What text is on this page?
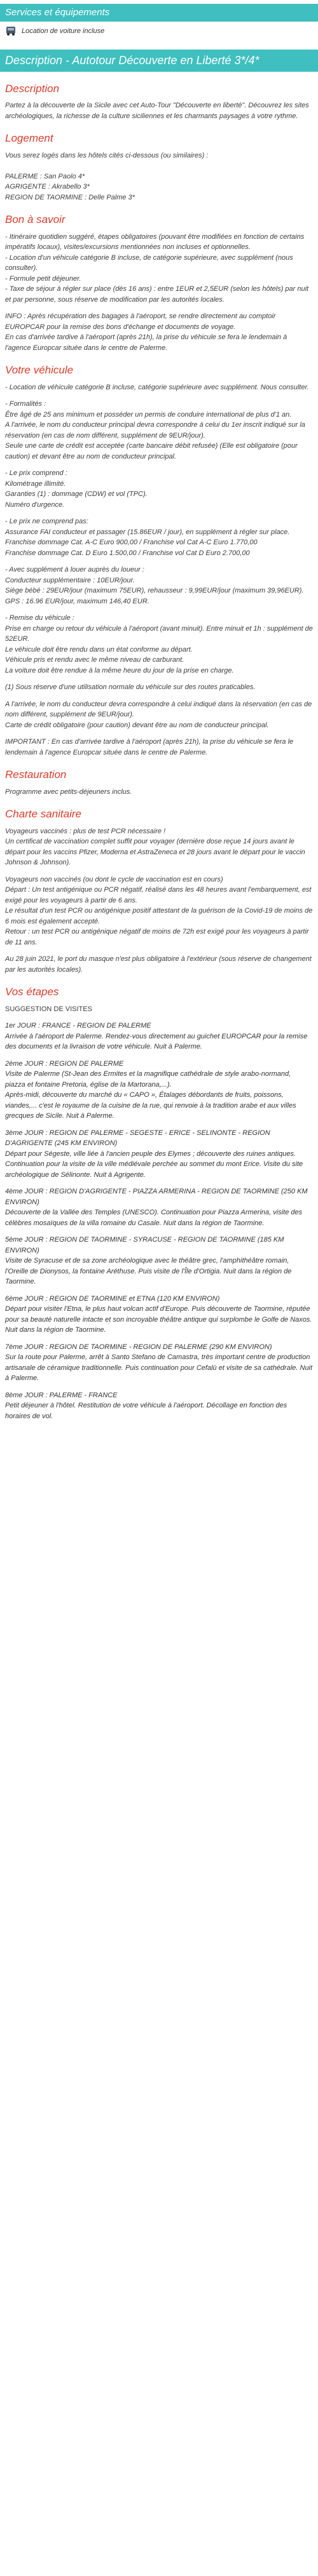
Services et équipements
Location de voiture incluse
Description - Autotour Découverte en Liberté 3*/4*
Description
Partez à la découverte de la Sicile avec cet Auto-Tour "Découverte en liberté". Découvrez les sites archéologiques, la richesse de la culture siciliennes et les charmants paysages à votre rythme.
Logement
Vous serez logés dans les hôtels cités ci-dessous (ou similaires) :

PALERME : San Paolo 4*
AGRIGENTE : Akrabello 3*
REGION DE TAORMINE : Delle Palme 3*
Bon à savoir
- Itinéraire quotidien suggéré, étapes obligatoires (pouvant être modifiées en fonction de certains impératifs locaux), visites/excursions mentionnées non incluses et optionnelles.
- Location d'un véhicule catégorie B incluse, de catégorie supérieure, avec supplément (nous consulter).
- Formule petit déjeuner.
- Taxe de séjour à régler sur place (dès 16 ans) : entre 1EUR et 2,5EUR (selon les hôtels) par nuit et par personne, sous réserve de modification par les autorités locales.
INFO : Après récupération des bagages à l'aéroport, se rendre directement au comptoir EUROPCAR pour la remise des bons d'échange et documents de voyage.
En cas d'arrivée tardive à l'aéroport (après 21h), la prise du véhicule se fera le lendemain à l'agence Europcar située dans le centre de Palerme.
Votre véhicule
- Location de véhicule catégorie B incluse, catégorie supérieure avec supplément. Nous consulter.
- Formalités :
Être âgé de 25 ans minimum et posséder un permis de conduire international de plus d'1 an.
A l'arrivée, le nom du conducteur principal devra correspondre à celui du 1er inscrit indiqué sur la réservation (en cas de nom différent, supplément de 9EUR/jour).
Seule une carte de crédit est acceptée (carte bancaire débit refusée) (Elle est obligatoire (pour caution) et devant être au nom de conducteur principal.
- Le prix comprend :
Kilométrage illimité.
Garanties (1) : dommage (CDW) et vol (TPC).
Numéro d'urgence.
- Le prix ne comprend pas:
Assurance FAI conducteur et passager (15.86EUR / jour), en supplément à régler sur place.
Franchise dommage Cat. A-C Euro 900,00 / Franchise vol Cat A-C Euro 1.770,00
Franchise dommage Cat. D Euro 1.500,00 / Franchise vol Cat D Euro 2.700,00
- Avec supplément à louer auprès du loueur :
Conducteur supplémentaire : 10EUR/jour.
Siège bébé : 29EUR/jour (maximum 75EUR), rehausseur : 9,99EUR/jour (maximum 39,96EUR).
GPS : 16.96 EUR/jour, maximum 146,40 EUR.
- Remise du véhicule :
Prise en charge ou retour du véhicule à l'aéroport (avant minuit). Entre minuit et 1h : supplément de 52EUR.
Le véhicule doit être rendu dans un état conforme au départ.
Véhicule pris et rendu avec le même niveau de carburant.
La voiture doit être rendue à la même heure du jour de la prise en charge.
(1) Sous réserve d'une utilisation normale du véhicule sur des routes praticables.
A l'arrivée, le nom du conducteur devra correspondre à celui indiqué dans la réservation (en cas de nom différent, supplément de 9EUR/jour).
Carte de crédit obligatoire (pour caution) devant être au nom de conducteur principal.
IMPORTANT : En cas d'arrivée tardive à l'aéroport (après 21h), la prise du véhicule se fera le lendemain à l'agence Europcar située dans le centre de Palerme.
Restauration
Programme avec petits-déjeuners inclus.
Charte sanitaire
Voyageurs vaccinés : plus de test PCR nécessaire !
Un certificat de vaccination complet suffit pour voyager (dernière dose reçue 14 jours avant le départ pour les vaccins Pfizer, Moderna et AstraZeneca et 28 jours avant le départ pour le vaccin Johnson & Johnson).
Voyageurs non vaccinés (ou dont le cycle de vaccination est en cours)
Départ : Un test antigénique ou PCR négatif, réalisé dans les 48 heures avant l'embarquement, est exigé pour les voyageurs à partir de 6 ans.
Le résultat d'un test PCR ou antigénique positif attestant de la guérison de la Covid-19 de moins de 6 mois est également accepté.
Retour : un test PCR ou antigénique négatif de moins de 72h est exigé pour les voyageurs à partir de 11 ans.
Au 28 juin 2021, le port du masque n'est plus obligatoire à l'extérieur (sous réserve de changement par les autorités locales).
Vos étapes
SUGGESTION DE VISITES
1er JOUR : FRANCE - REGION DE PALERME
Arrivée à l'aéroport de Palerme. Rendez-vous directement au guichet EUROPCAR pour la remise des documents et la livraison de votre véhicule. Nuit à Palerme.
2ème JOUR : REGION DE PALERME
Visite de Palerme (St-Jean des Ermites et la magnifique cathédrale de style arabo-normand, piazza et fontaine Pretoria, église de la Martorana,...).
Après-midi, découverte du marché du « CAPO », Étalages débordants de fruits, poissons, viandes,... c'est le royaume de la cuisine de la rue, qui renvoie à la tradition arabe et aux villes grecques de Sicile. Nuit à Palerme.
3ème JOUR : REGION DE PALERME - SEGESTE - ERICE - SELINONTE - REGION D'AGRIGENTE (245 KM ENVIRON)
Départ pour Ségeste, ville liée à l'ancien peuple des Elymes ; découverte des ruines antiques. Continuation pour la visite de la ville médiévale perchée au sommet du mont Erice. Visite du site archéologique de Sélinonte. Nuit à Agrigente.
4ème JOUR : REGION D'AGRIGENTE - PIAZZA ARMERINA - REGION DE TAORMINE (250 KM ENVIRON)
Découverte de la Vallée des Temples (UNESCO). Continuation pour Piazza Armerina, visite des célèbres mosaïques de la villa romaine du Casale. Nuit dans la région de Taormine.
5ème JOUR : REGION DE TAORMINE - SYRACUSE - REGION DE TAORMINE (185 KM ENVIRON)
Visite de Syracuse et de sa zone archéologique avec le théâtre grec, l'amphithéâtre romain, l'Oreille de Dionysos, la fontaine Aréthuse. Puis visite de l'Île d'Ortigia. Nuit dans la région de Taormine.
6ème JOUR : REGION DE TAORMINE et ETNA (120 KM ENVIRON)
Départ pour visiter l'Etna, le plus haut volcan actif d'Europe. Puis découverte de Taormine, réputée pour sa beauté naturelle intacte et son incroyable théâtre antique qui surplombe le Golfe de Naxos. Nuit dans la région de Taormine.
7ème JOUR : REGION DE TAORMINE - REGION DE PALERME (290 KM ENVIRON)
Sur la route pour Palerme, arrêt à Santo Stefano de Camastra, très important centre de production artisanale de céramique traditionnelle. Puis continuation pour Cefalù et visite de sa cathédrale. Nuit à Palerme.
8ème JOUR : PALERME - FRANCE
Petit déjeuner à l'hôtel. Restitution de votre véhicule à l'aéroport. Décollage en fonction des horaires de vol.
